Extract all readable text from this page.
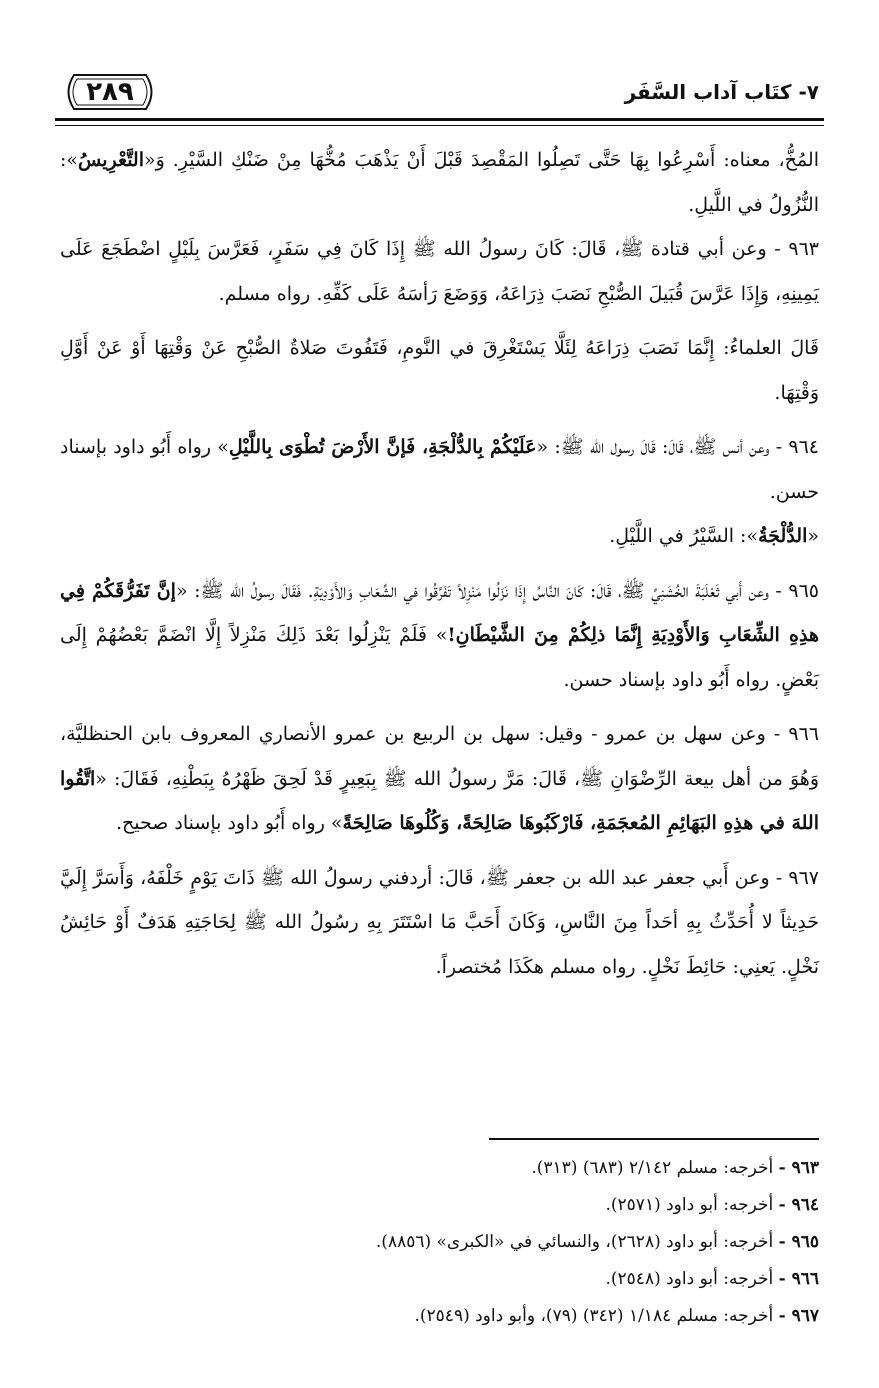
٢٨٩	٧- كتَاب آداب السَّفَر

المُخُّ، معناه: أَسْرِعُوا بِهَا حَتَّى تَصِلُوا المَقْصِدَ قَبْلَ أَنْ يَذْهَبَ مُخُّهَا مِنْ ضَنْكِ السَّيْرِ. وَ«التَّعْرِيسُ»: النُّزُولُ في اللَّيلِ.

٩٦٣ - وعن أبي قتادة ﷺ، قَالَ: كَانَ رسولُ الله ﷺ إِذَا كَانَ فِي سَفَرٍ، فَعَرَّسَ بِلَيْلٍ اضْطَجَعَ عَلَى يَمِينِهِ، وَإِذَا عَرَّسَ قُبَيلَ الصُّبْحِ نَصَبَ ذِرَاعَهُ، وَوَضَعَ رَأسَهُ عَلَى كَفِّهِ. رواه مسلم.

قَالَ العلماءُ: إِنَّمَا نَصَبَ ذِرَاعَهُ لِئَلَّا يَسْتَغْرِقَ في النَّومِ، فَتَفُوتَ صَلاةُ الصُّبْحِ عَنْ وَقْتِهَا أَوْ عَنْ أَوَّلِ وَقْتِهَا.

٩٦٤ - وعن أنس ﷺ، قَالَ: قَالَ رسول الله ﷺ: «عَلَيْكُمْ بِالدُّلْجَةِ، فَإنَّ الأَرْضَ تُطْوَى بِاللَّيْلِ» رواه أَبُو داود بإسناد حسن.

«الدُّلْجَةُ»: السَّيْرُ في اللَّيْلِ.

٩٦٥ - وعن أَبي ثَعْلَبَةَ الخُشَنِيِّ ﷺ، قَالَ: كَانَ النَّاسُ إِذَا نَزَلُوا مَنْزِلاً تَفَرَّقُوا في الشِّعَابِ وَالأَوْدِيَةِ. فَقَالَ رسولُ الله ﷺ: «إنَّ تَفَرُّقَكُمْ فِي هذِهِ الشِّعَابِ وَالأَوْدِيَةِ إِنَّمَا ذلِكُمْ مِنَ الشَّيْطَانِ!» فَلَمْ يَنْزِلُوا بَعْدَ ذَلِكَ مَنْزِلاً إِلَّا انْضَمَّ بَعْضُهُمْ إِلَى بَعْضٍ. رواه أَبُو داود بإسناد حسن.

٩٦٦ - وعن سهل بن عمرو - وقيل: سهل بن الربيع بن عمرو الأنصاري المعروف بابن الحنظليَّة، وَهُوَ من أهل بيعة الرِّضْوَانِ ﷺ، قَالَ: مَرَّ رسولُ الله ﷺ بِبَعِيرٍ قَدْ لَحِقَ ظَهْرُهُ بِبَطْنِهِ، فَقَالَ: «اتَّقُوا اللهَ في هذِهِ البَهَائِمِ المُعجَمَةِ، فَارْكَبُوهَا صَالِحَةً، وَكُلُوهَا صَالِحَةً» رواه أَبُو داود بإسناد صحيح.

٩٦٧ - وعن أَبي جعفر عبد الله بن جعفر ﷺ، قَالَ: أردفني رسولُ الله ﷺ ذَاتَ يَوْمٍ خَلْفَهُ، وَأَسَرَّ إِلَيَّ حَدِيثاً لا أُحَدِّثُ بِهِ أحَداً مِنَ النَّاسِ، وَكَانَ أَحَبَّ مَا اسْتَتَرَ بِهِ رسُولُ الله ﷺ لِحَاجَتِهِ هَدَفٌ أَوْ حَائِشُ نَخْلٍ. يَعنِي: حَائِطَ نَخْلٍ. رواه مسلم هكَذَا مُختصراً.

٩٦٣ - أخرجه: مسلم ٢/١٤٢ (٦٨٣) (٣١٣).
٩٦٤ - أخرجه: أبو داود (٢٥٧١).
٩٦٥ - أخرجه: أبو داود (٢٦٢٨)، والنسائي في «الكبرى» (٨٨٥٦).
٩٦٦ - أخرجه: أبو داود (٢٥٤٨).
٩٦٧ - أخرجه: مسلم ١/١٨٤ (٣٤٢) (٧٩)، وأبو داود (٢٥٤٩).
